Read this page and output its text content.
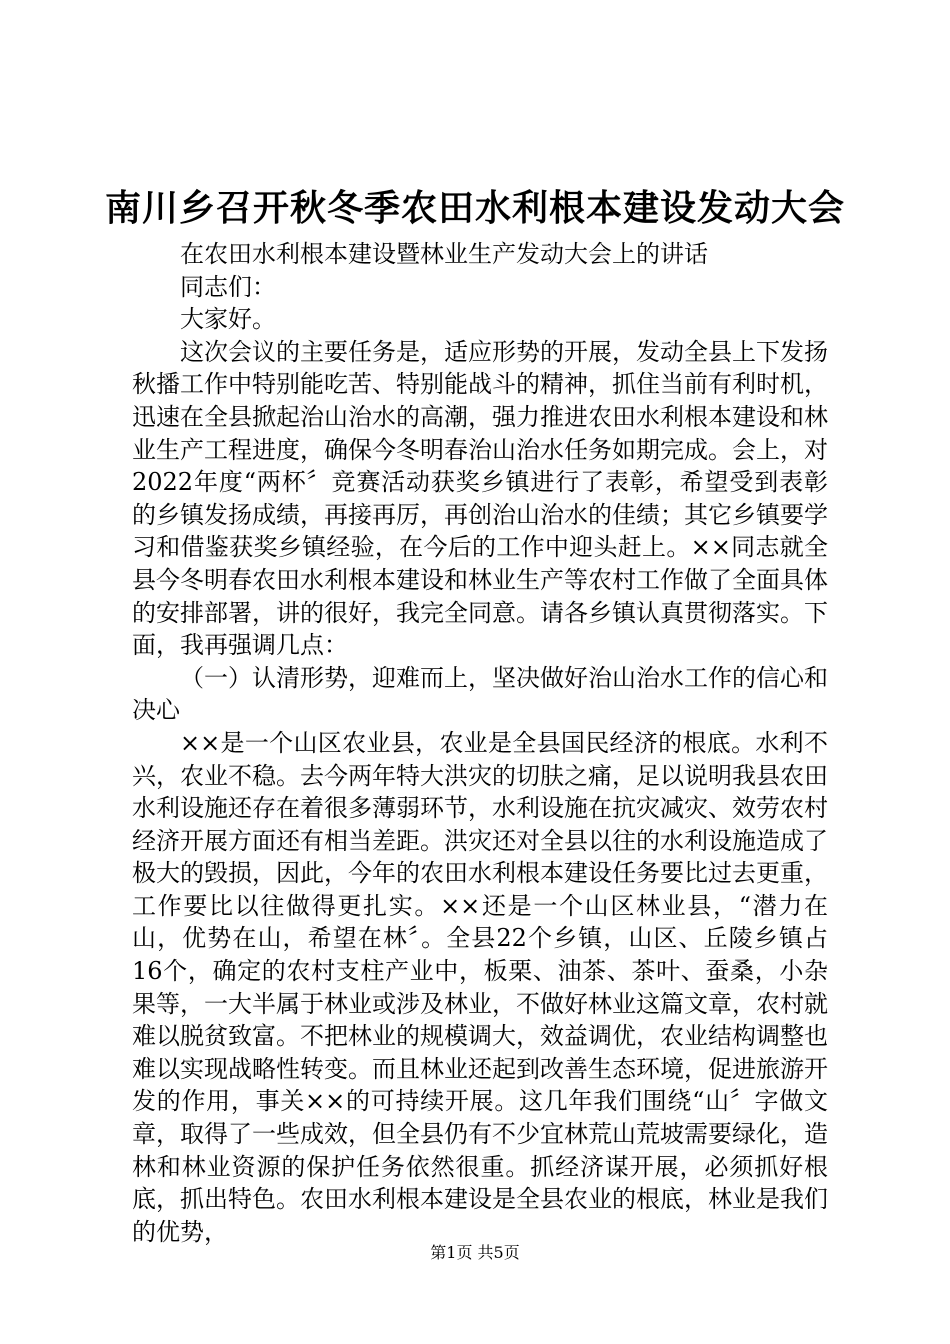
南川乡召开秋冬季农田水利根本建设发动大会

在农田水利根本建设暨林业生产发动大会上的讲话

同志们：

大家好。

这次会议的主要任务是，适应形势的开展，发动全县上下发扬秋播工作中特别能吃苦、特别能战斗的精神，抓住当前有利时机，迅速在全县掀起治山治水的高潮，强力推进农田水利根本建设和林业生产工程进度，确保今冬明春治山治水任务如期完成。会上，对2022年度“两杯〞竞赛活动获奖乡镇进行了表彰，希望受到表彰的乡镇发扬成绩，再接再厉，再创治山治水的佳绩；其它乡镇要学习和借鉴获奖乡镇经验，在今后的工作中迎头赶上。××同志就全县今冬明春农田水利根本建设和林业生产等农村工作做了全面具体的安排部署，讲的很好，我完全同意。请各乡镇认真贯彻落实。下面，我再强调几点：

（一）认清形势，迎难而上，坚决做好治山治水工作的信心和决心

××是一个山区农业县，农业是全县国民经济的根底。水利不兴，农业不稳。去今两年特大洪灾的切肤之痛，足以说明我县农田水利设施还存在着很多薄弱环节，水利设施在抗灾减灾、效劳农村经济开展方面还有相当差距。洪灾还对全县以往的水利设施造成了极大的毁损，因此，今年的农田水利根本建设任务要比过去更重，工作要比以往做得更扎实。××还是一个山区林业县，“潜力在山，优势在山，希望在林〞。全县22个乡镇，山区、丘陵乡镇占16个，确定的农村支柱产业中，板栗、油茶、茶叶、蚕桑，小杂果等，一大半属于林业或涉及林业，不做好林业这篇文章，农村就难以脱贫致富。不把林业的规模调大，效益调优，农业结构调整也难以实现战略性转变。而且林业还起到改善生态环境，促进旅游开发的作用，事关××的可持续开展。这几年我们围绕“山〞字做文章，取得了一些成效，但全县仍有不少宜林荒山荒坡需要绿化，造林和林业资源的保护任务依然很重。抓经济谋开展，必须抓好根底，抓出特色。农田水利根本建设是全县农业的根底，林业是我们的优势，

第1页 共5页
